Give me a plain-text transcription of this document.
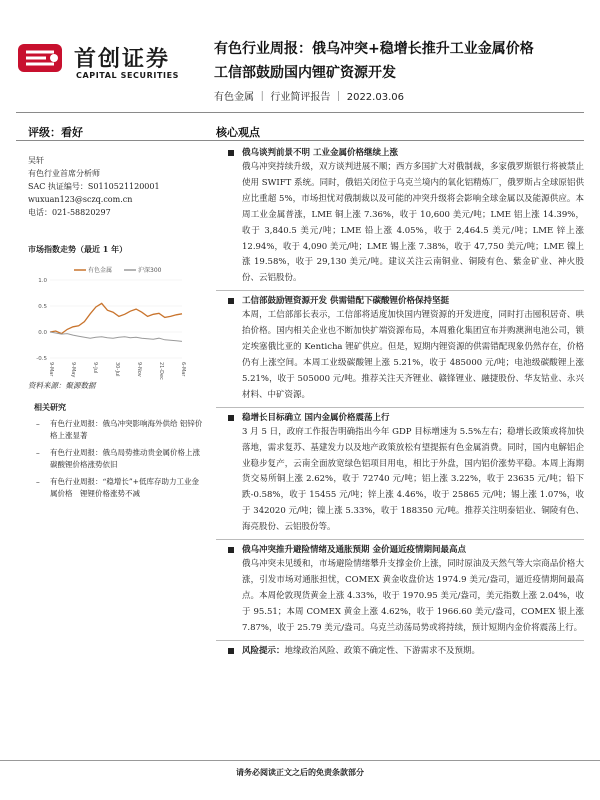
首创证券
CAPITAL SECURITIES
有色行业周报：俄乌冲突+稳增长推升工业金属价格
工信部鼓励国内锂矿资源开发
有色金属 ｜ 行业简评报告 ｜ 2022.03.06
评级：看好	核心观点
吴轩
有色行业首席分析师
SAC 执证编号：S0110521120001
wuxuan123@sczq.com.cn
电话：021-58820297
市场指数走势（最近 1 年）
有色金属	沪深300
1.0
0.5
0.0
-0.5
9-Mar	9-May	9-Jul	30-Jul	9-Nov	21-Dec	6-Mar
资料来源：聚源数据
相关研究
– 有色行业周报：俄乌冲突影响海外供给 铝锌价格上涨显著
– 有色行业周报：俄乌局势推动贵金属价格上涨 碳酸锂价格涨势依旧
– 有色行业周报：“稳增长”+低库存助力工业金属价格　锂锂价格涨势不减
俄乌谈判前景不明 工业金属价格继续上涨
俄乌冲突持续升级，双方谈判进展不顺；西方多国扩大对俄制裁，多家俄罗斯银行将被禁止使用 SWIFT 系统。同时，俄铝关闭位于乌克兰境内的氧化铝精炼厂，俄罗斯占全球原铝供应比重超 5%，市场担忧对俄制裁以及可能的冲突升级将会影响全球金属以及能源供应。本周工业金属普涨，LME 铜上涨 7.36%，收于 10,600 美元/吨；LME 铝上涨 14.39%，收于 3,840.5 美元/吨；LME 铅上涨 4.05%，收于 2,464.5 美元/吨；LME 锌上涨 12.94%，收于 4,090 美元/吨；LME 锡上涨 7.38%，收于 47,750 美元/吨；LME 镍上涨 19.58%，收于 29,130 美元/吨。建议关注云南铜业、铜陵有色、紫金矿业、神火股份、云铝股份。
工信部鼓励锂资源开发 供需错配下碳酸锂价格保持坚挺
本周，工信部部长表示，工信部将适度加快国内锂资源的开发进度，同时打击囤积居奇、哄抬价格。国内相关企业也不断加快扩端资源布局，本周雅化集团宣布并购澳洲电池公司，锁定埃塞俄比亚的 Kenticha 锂矿供应。但是，短期内锂资源的供需错配现象仍然存在，价格仍有上涨空间。本周工业级碳酸锂上涨 5.21%，收于 485000 元/吨；电池级碳酸锂上涨 5.21%，收于 505000 元/吨。推荐关注天齐锂业、赣锋锂业、融捷股份、华友钴业、永兴材料、中矿资源。
稳增长目标确立 国内金属价格震荡上行
3 月 5 日，政府工作报告明确指出今年 GDP 目标增速为 5.5%左右；稳增长政策或将加快落地，需求复苏、基建发力以及地产政策放松有望提振有色金属消费。同时，国内电解铝企业稳步复产，云南全面放宽绿色铝项目用电，相比于外盘，国内铝价涨势平稳。本周上海期货交易所铜上涨 2.62%，收于 72740 元/吨；铝上涨 3.22%，收于 23635 元/吨；铅下跌-0.58%，收于 15455 元/吨；锌上涨 4.46%，收于 25865 元/吨；锡上涨 1.07%，收于 342020 元/吨；镍上涨 5.33%，收于 188350 元/吨。推荐关注明泰铝业、铜陵有色、海亮股份、云铝股份等。
俄乌冲突推升避险情绪及通胀预期 金价逼近疫情期间最高点
俄乌冲突未见缓和，市场避险情绪攀升支撑金价上涨，同时原油及天然气等大宗商品价格大涨，引发市场对通胀担忧，COMEX 黄金收盘价达 1974.9 美元/盎司，逼近疫情期间最高点。本周伦敦现货黄金上涨 4.33%，收于 1970.95 美元/盎司，美元指数上涨 2.04%，收于 95.51；本周 COMEX 黄金上涨 4.62%，收于 1966.60 美元/盎司，COMEX 银上涨 7.87%，收于 25.79 美元/盎司。乌克兰动荡局势或将持续，预计短期内金价将震荡上行。
风险提示：地缘政治风险、政策不确定性、下游需求不及预期。
请务必阅读正文之后的免责条款部分
